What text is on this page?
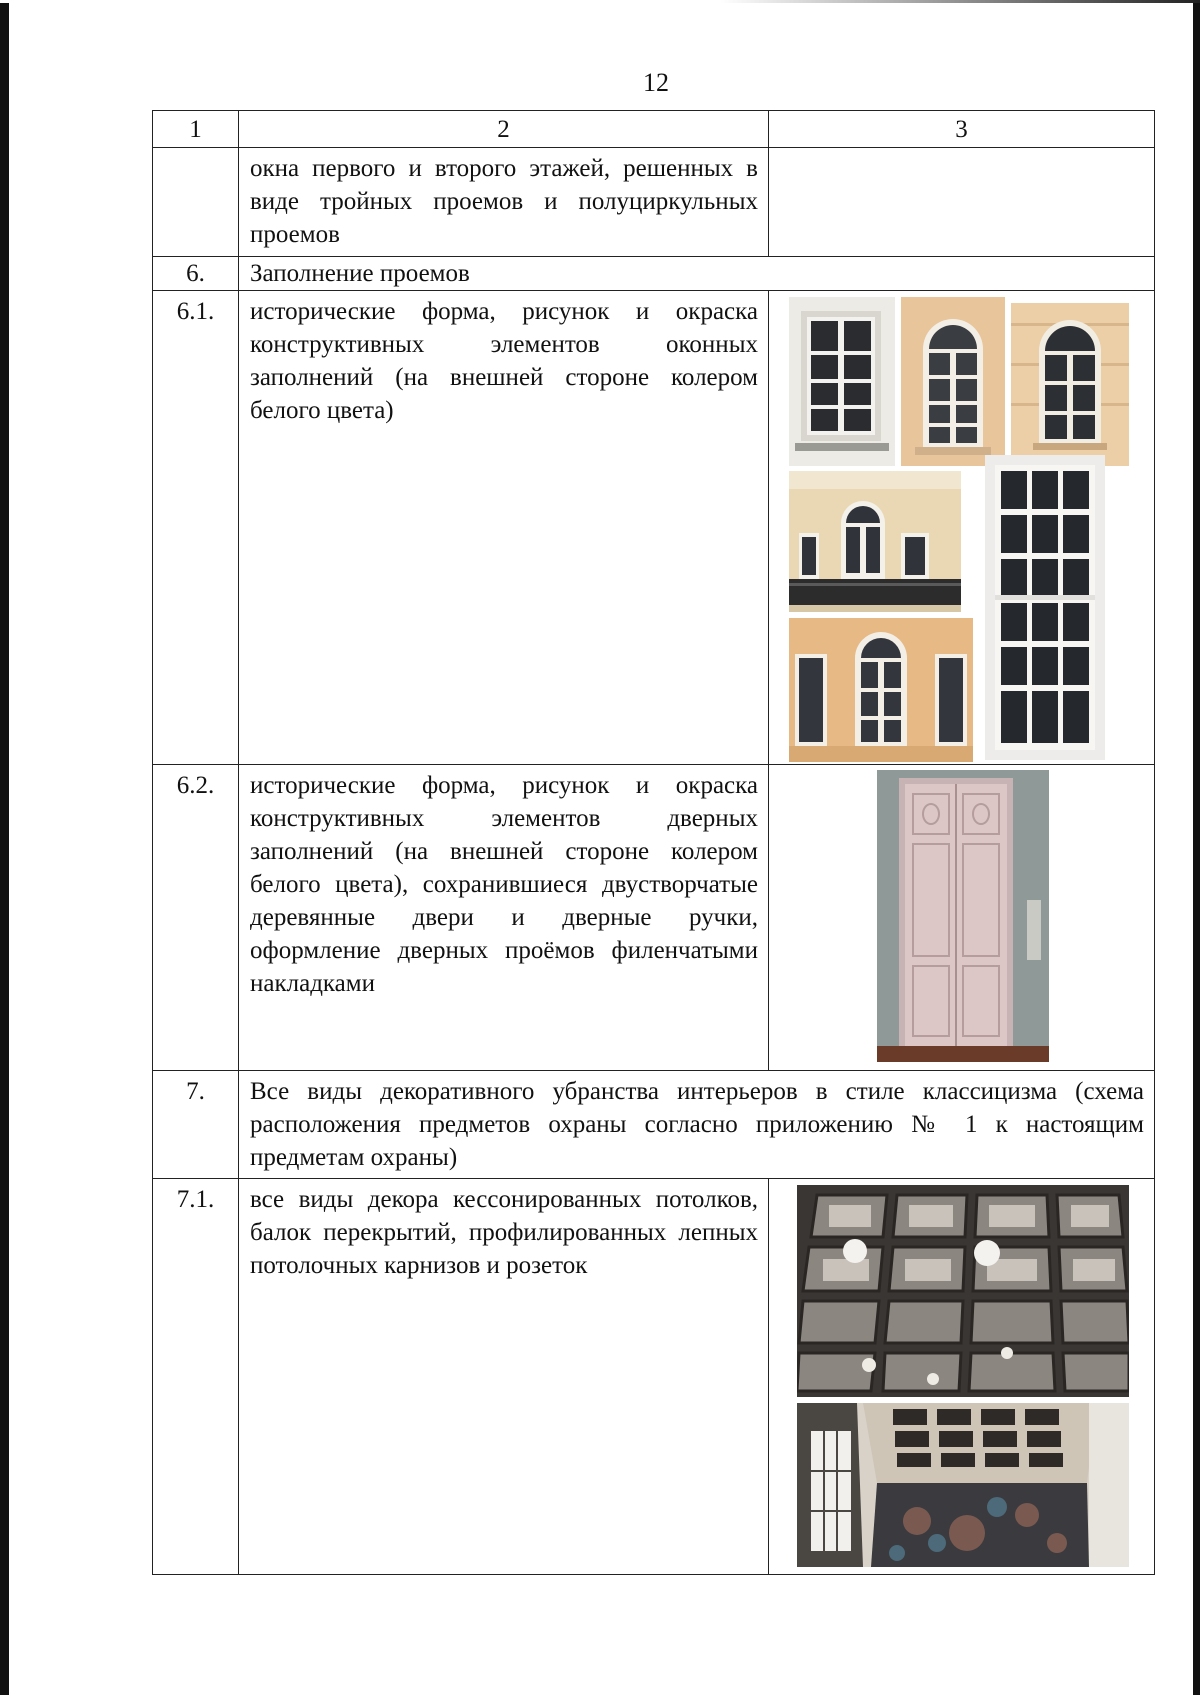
12
1	2	3
	окна первого и второго этажей, решенных в виде тройных проемов и полуциркульных проемов	
6.	Заполнение проемов	
6.1.	исторические форма, рисунок и окраска конструктивных элементов оконных заполнений (на внешней стороне колером белого цвета)	

6.2.	исторические форма, рисунок и окраска конструктивных элементов дверных заполнений (на внешней стороне колером белого цвета), сохранившиеся двустворчатые деревянные двери и дверные ручки, оформление дверных проёмов филенчатыми накладками	

7.	Все виды декоративного убранства интерьеров в стиле классицизма (схема расположения предметов охраны согласно приложению № 1 к настоящим предметам охраны)	
7.1.	все виды декора кессонированных потолков, балок перекрытий, профилированных лепных потолочных карнизов и розеток	
